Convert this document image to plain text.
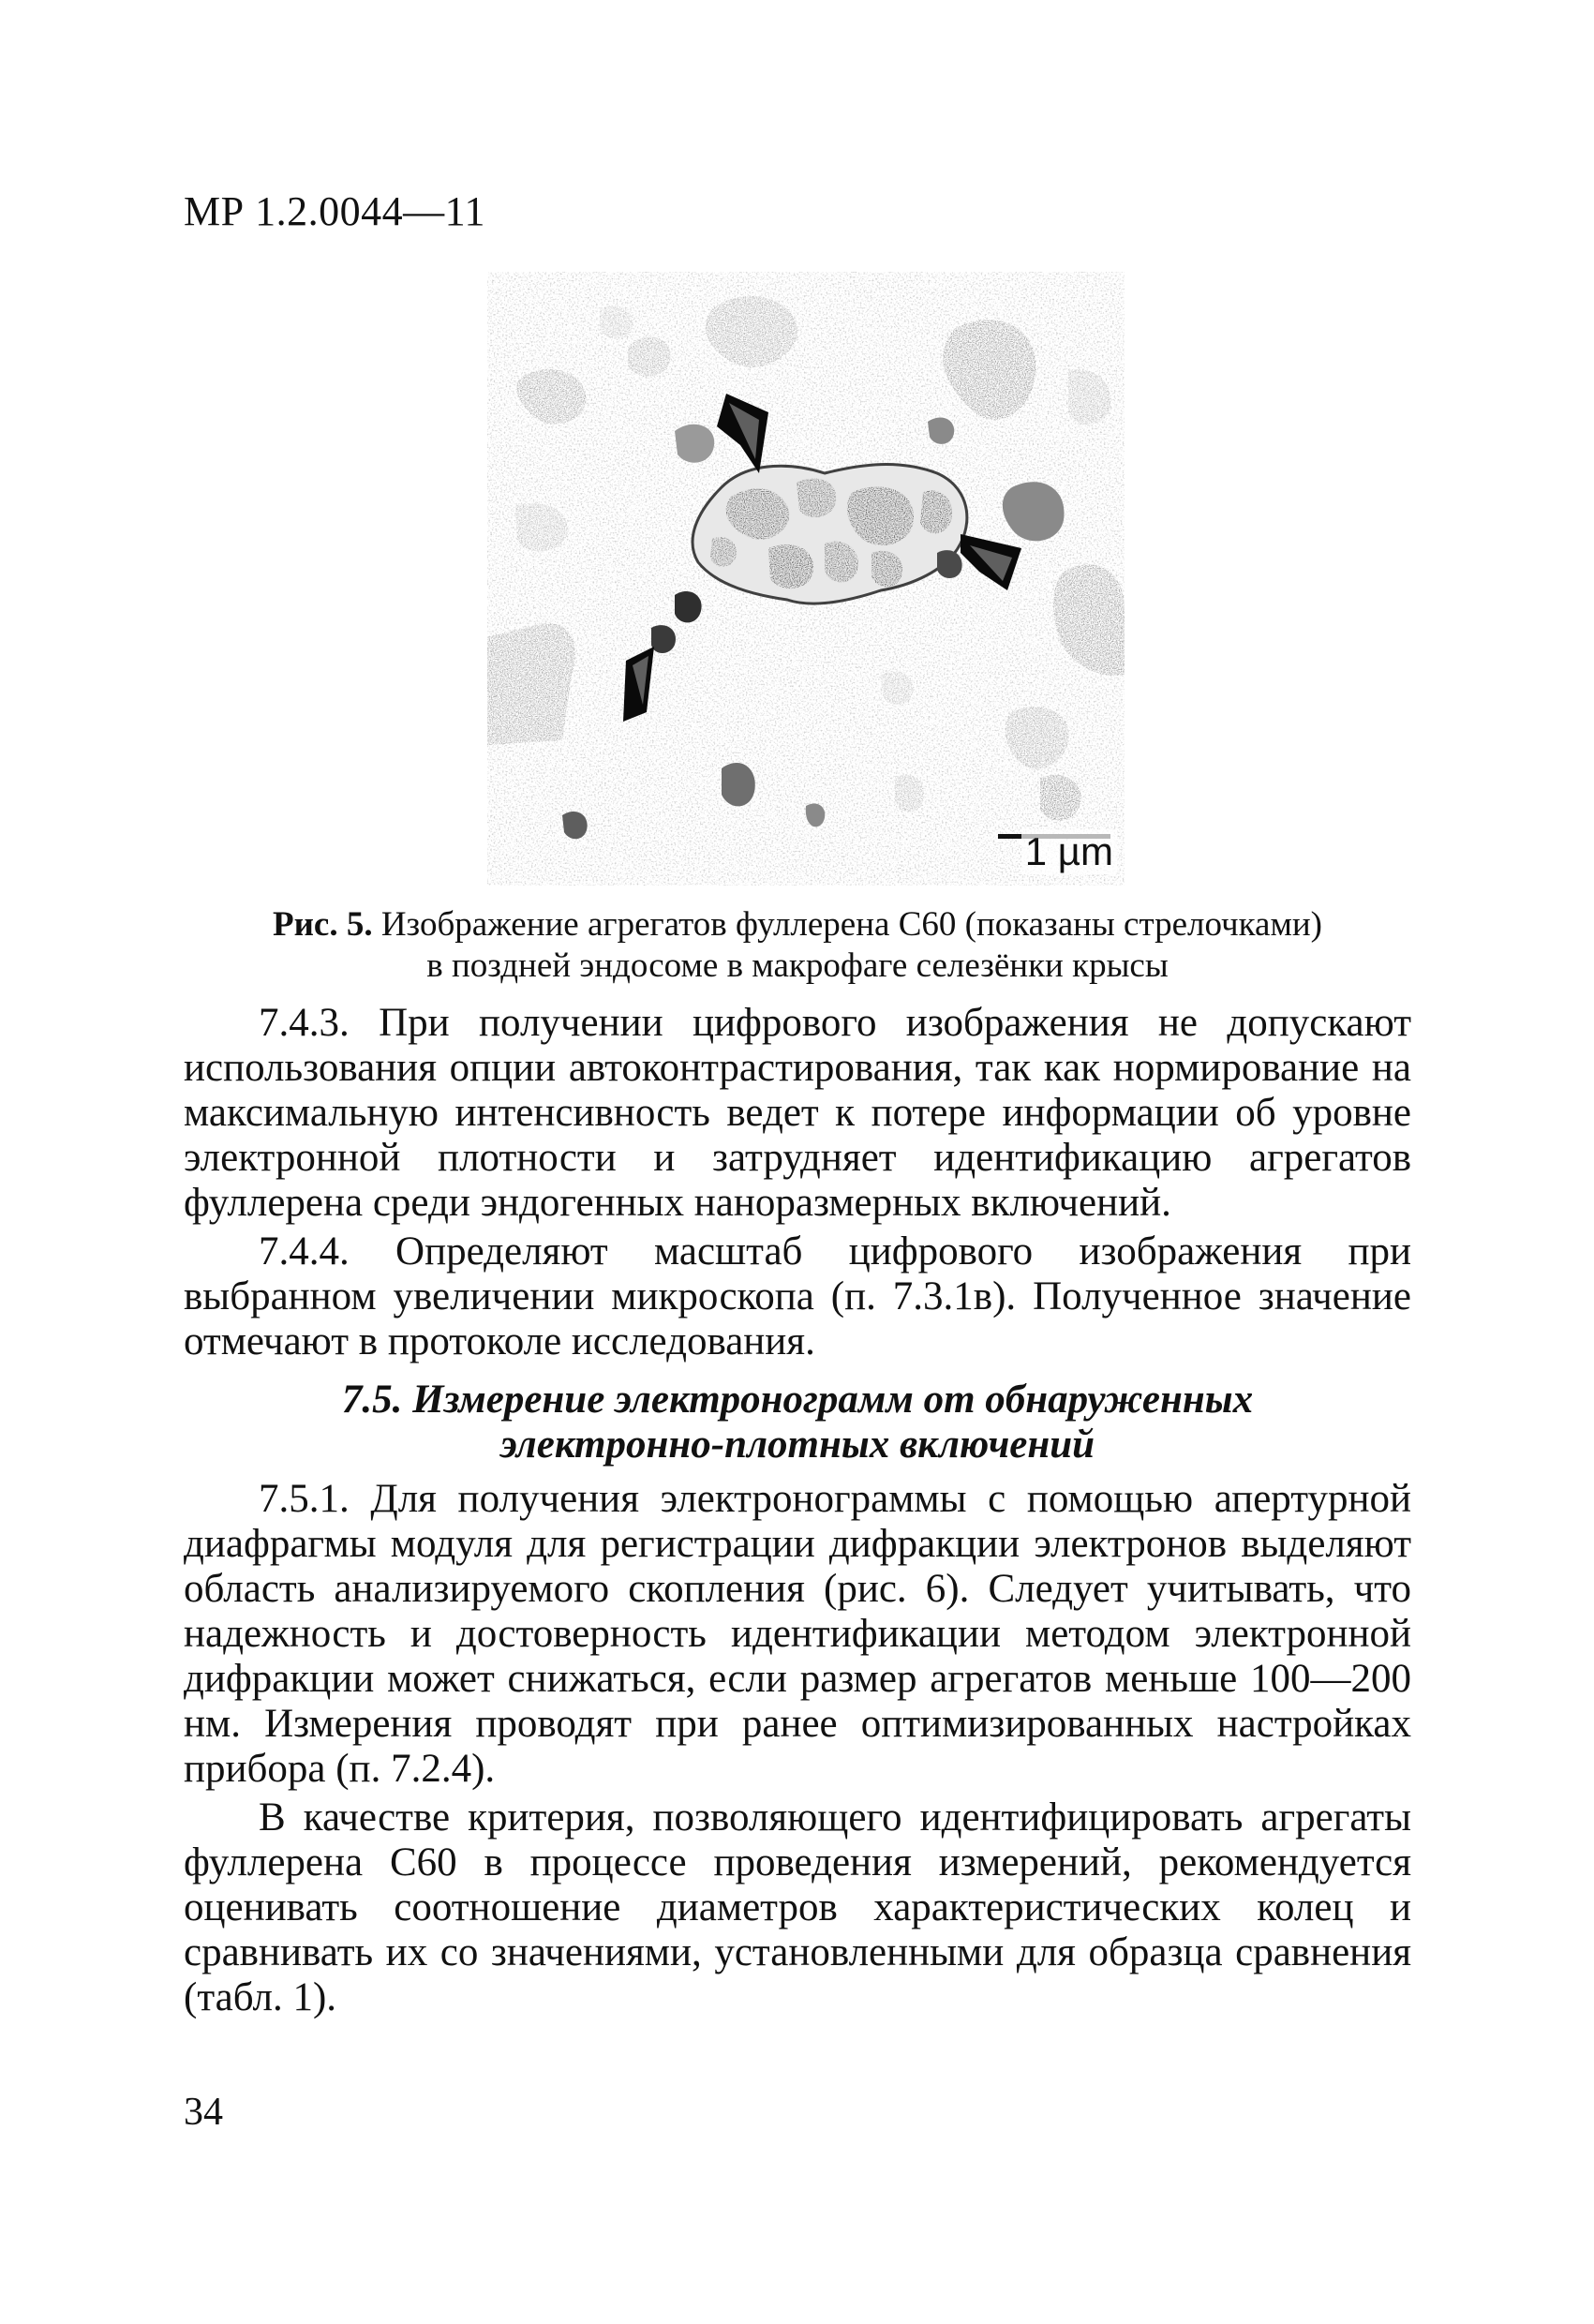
МР 1.2.0044—11
1 µm
Рис. 5. Изображение агрегатов фуллерена С60 (показаны стрелочками)
в поздней эндосоме в макрофаге селезёнки крысы

7.4.3. При получении цифрового изображения не допускают использования опции автоконтрастирования, так как нормирование на максимальную интенсивность ведет к потере информации об уровне электронной плотности и затрудняет идентификацию агрегатов фуллерена среди эндогенных наноразмерных включений.

7.4.4. Определяют масштаб цифрового изображения при выбранном увеличении микроскопа (п. 7.3.1в). Полученное значение отмечают в протоколе исследования.

7.5. Измерение электронограмм от обнаруженных
электронно-плотных включений

7.5.1. Для получения электронограммы с помощью апертурной диафрагмы модуля для регистрации дифракции электронов выделяют область анализируемого скопления (рис. 6). Следует учитывать, что надежность и достоверность идентификации методом электронной дифракции может снижаться, если размер агрегатов меньше 100—200 нм. Измерения проводят при ранее оптимизированных настройках прибора (п. 7.2.4).

В качестве критерия, позволяющего идентифицировать агрегаты фуллерена С60 в процессе проведения измерений, рекомендуется оценивать соотношение диаметров характеристических колец и сравнивать их со значениями, установленными для образца сравнения (табл. 1).

34
